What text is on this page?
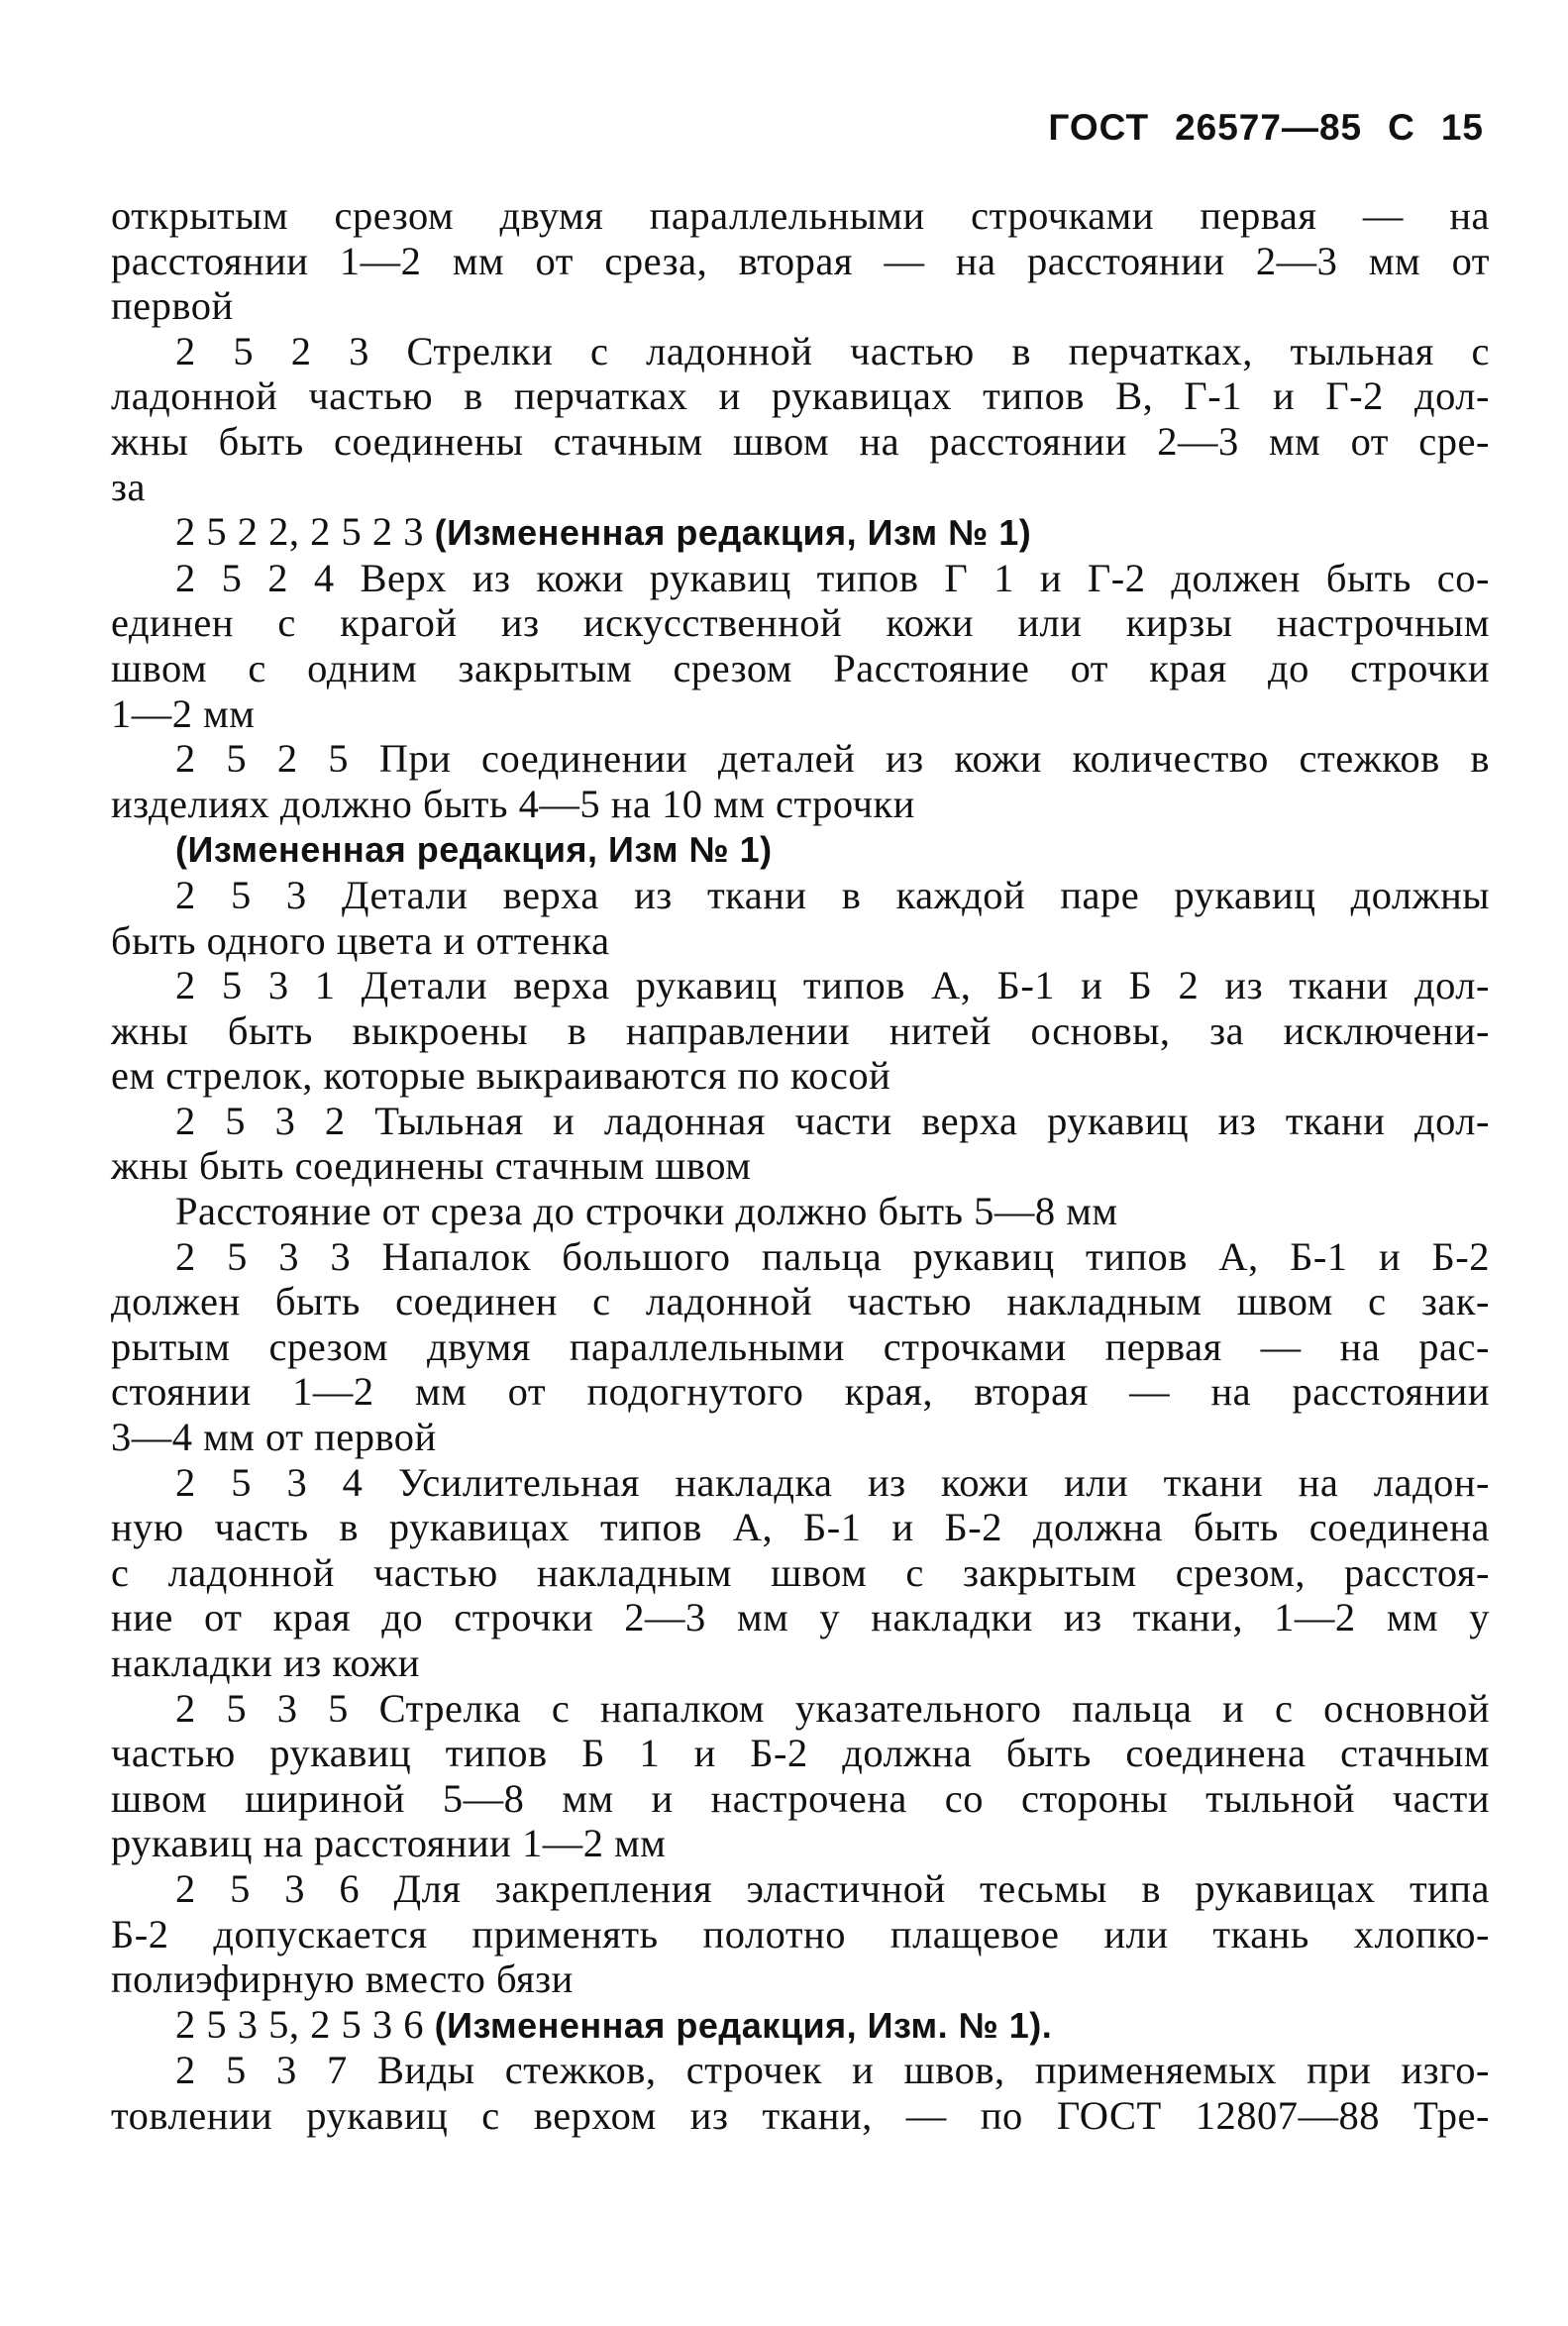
ГОСТ 26577—85 С 15
открытым срезом двумя параллельными строчками первая — на
расстоянии 1—2 мм от среза, вторая — на расстоянии 2—3 мм от
первой
2 5 2 3 Стрелки с ладонной частью в перчатках, тыльная с
ладонной частью в перчатках и рукавицах типов В, Г-1 и Г-2 дол-
жны быть соединены стачным швом на расстоянии 2—3 мм от сре-
за
2 5 2 2, 2 5 2 3 (Измененная редакция, Изм № 1)
2 5 2 4 Верх из кожи рукавиц типов Г 1 и Г-2 должен быть со-
единен с крагой из искусственной кожи или кирзы настрочным
швом с одним закрытым срезом Расстояние от края до строчки
1—2 мм
2 5 2 5 При соединении деталей из кожи количество стежков в
изделиях должно быть 4—5 на 10 мм строчки
(Измененная редакция, Изм № 1)
2 5 3 Детали верха из ткани в каждой паре рукавиц должны
быть одного цвета и оттенка
2 5 3 1 Детали верха рукавиц типов А, Б-1 и Б 2 из ткани дол-
жны быть выкроены в направлении нитей основы, за исключени-
ем стрелок, которые выкраиваются по косой
2 5 3 2 Тыльная и ладонная части верха рукавиц из ткани дол-
жны быть соединены стачным швом
Расстояние от среза до строчки должно быть 5—8 мм
2 5 3 3 Напалок большого пальца рукавиц типов А, Б-1 и Б-2
должен быть соединен с ладонной частью накладным швом с зак-
рытым срезом двумя параллельными строчками первая — на рас-
стоянии 1—2 мм от подогнутого края, вторая — на расстоянии
3—4 мм от первой
2 5 3 4 Усилительная накладка из кожи или ткани на ладон-
ную часть в рукавицах типов А, Б-1 и Б-2 должна быть соединена
с ладонной частью накладным швом с закрытым срезом, расстоя-
ние от края до строчки 2—3 мм у накладки из ткани, 1—2 мм у
накладки из кожи
2 5 3 5 Стрелка с напалком указательного пальца и с основной
частью рукавиц типов Б 1 и Б-2 должна быть соединена стачным
швом шириной 5—8 мм и настрочена со стороны тыльной части
рукавиц на расстоянии 1—2 мм
2 5 3 6 Для закрепления эластичной тесьмы в рукавицах типа
Б-2 допускается применять полотно плащевое или ткань хлопко-
полиэфирную вместо бязи
2 5 3 5, 2 5 3 6 (Измененная редакция, Изм. № 1).
2 5 3 7 Виды стежков, строчек и швов, применяемых при изго-
товлении рукавиц с верхом из ткани, — по ГОСТ 12807—88 Тре-
